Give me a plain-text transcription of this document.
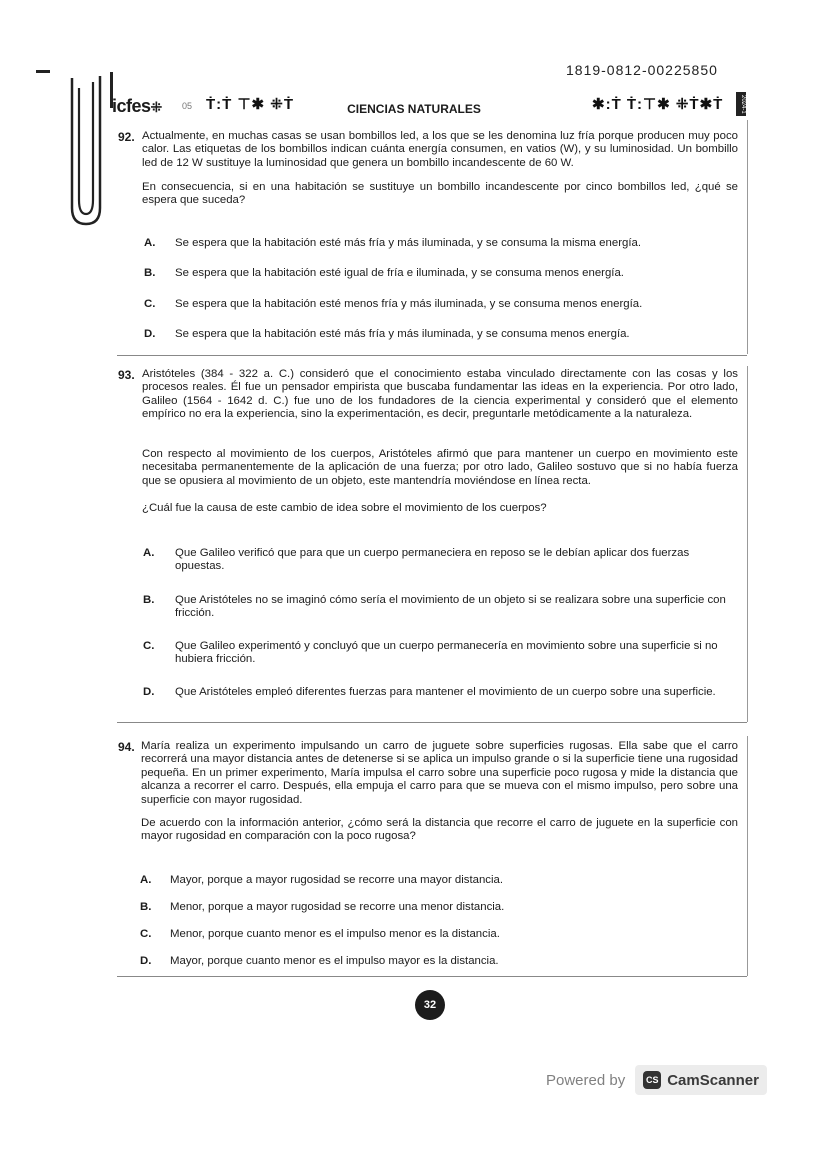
1819-0812-00225850
icfes⁜ 05 Ṫ:Ṫ ⊤✱ ⁜Ṫ	CIENCIAS NATURALES	✱:Ṫ Ṫ:⊤✱ ⁜Ṫ✱Ṫ	2024-1
92. Actualmente, en muchas casas se usan bombillos led, a los que se les denomina luz fría porque producen muy poco calor. Las etiquetas de los bombillos indican cuánta energía consumen, en vatios (W), y su luminosidad. Un bombillo led de 12 W sustituye la luminosidad que genera un bombillo incandescente de 60 W.
En consecuencia, si en una habitación se sustituye un bombillo incandescente por cinco bombillos led, ¿qué se espera que suceda?
A. Se espera que la habitación esté más fría y más iluminada, y se consuma la misma energía.
B. Se espera que la habitación esté igual de fría e iluminada, y se consuma menos energía.
C. Se espera que la habitación esté menos fría y más iluminada, y se consuma menos energía.
D. Se espera que la habitación esté más fría y más iluminada, y se consuma menos energía.
93. Aristóteles (384 - 322 a. C.) consideró que el conocimiento estaba vinculado directamente con las cosas y los procesos reales. Él fue un pensador empirista que buscaba fundamentar las ideas en la experiencia. Por otro lado, Galileo (1564 - 1642 d. C.) fue uno de los fundadores de la ciencia experimental y consideró que el elemento empírico no era la experiencia, sino la experimentación, es decir, preguntarle metódicamente a la naturaleza.
Con respecto al movimiento de los cuerpos, Aristóteles afirmó que para mantener un cuerpo en movimiento este necesitaba permanentemente de la aplicación de una fuerza; por otro lado, Galileo sostuvo que si no había fuerza que se opusiera al movimiento de un objeto, este mantendría moviéndose en línea recta.
¿Cuál fue la causa de este cambio de idea sobre el movimiento de los cuerpos?
A. Que Galileo verificó que para que un cuerpo permaneciera en reposo se le debían aplicar dos fuerzas opuestas.
B. Que Aristóteles no se imaginó cómo sería el movimiento de un objeto si se realizara sobre una superficie con fricción.
C. Que Galileo experimentó y concluyó que un cuerpo permanecería en movimiento sobre una superficie si no hubiera fricción.
D. Que Aristóteles empleó diferentes fuerzas para mantener el movimiento de un cuerpo sobre una superficie.
94. María realiza un experimento impulsando un carro de juguete sobre superficies rugosas. Ella sabe que el carro recorrerá una mayor distancia antes de detenerse si se aplica un impulso grande o si la superficie tiene una rugosidad pequeña. En un primer experimento, María impulsa el carro sobre una superficie poco rugosa y mide la distancia que alcanza a recorrer el carro. Después, ella empuja el carro para que se mueva con el mismo impulso, pero sobre una superficie con mayor rugosidad.
De acuerdo con la información anterior, ¿cómo será la distancia que recorre el carro de juguete en la superficie con mayor rugosidad en comparación con la poco rugosa?
A. Mayor, porque a mayor rugosidad se recorre una mayor distancia.
B. Menor, porque a mayor rugosidad se recorre una menor distancia.
C. Menor, porque cuanto menor es el impulso menor es la distancia.
D. Mayor, porque cuanto menor es el impulso mayor es la distancia.
32
Powered by	CS CamScanner
